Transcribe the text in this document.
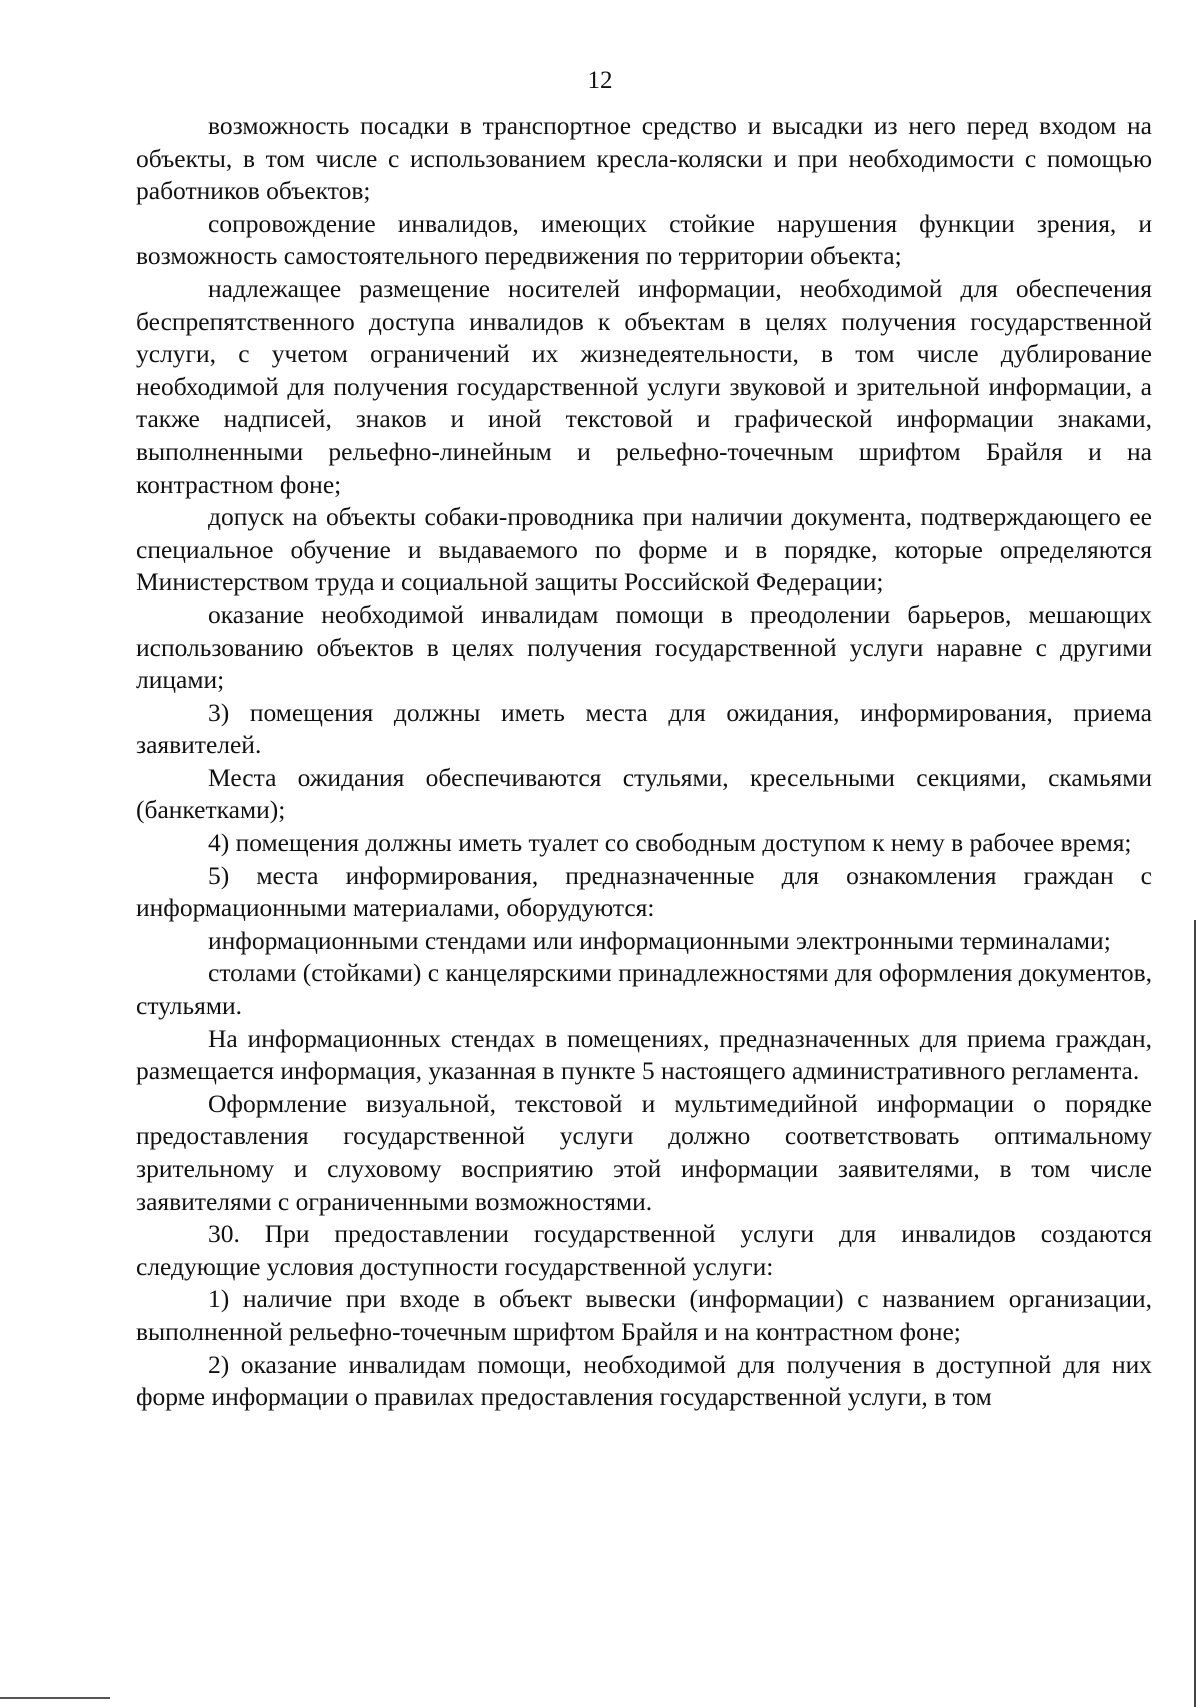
12

возможность посадки в транспортное средство и высадки из него перед входом на объекты, в том числе с использованием кресла-коляски и при необходимости с помощью работников объектов;

сопровождение инвалидов, имеющих стойкие нарушения функции зрения, и возможность самостоятельного передвижения по территории объекта;

надлежащее размещение носителей информации, необходимой для обеспечения беспрепятственного доступа инвалидов к объектам в целях получения государственной услуги, с учетом ограничений их жизнедеятельности, в том числе дублирование необходимой для получения государственной услуги звуковой и зрительной информации, а также надписей, знаков и иной текстовой и графической информации знаками, выполненными рельефно-линейным и рельефно-точечным шрифтом Брайля и на контрастном фоне;

допуск на объекты собаки-проводника при наличии документа, подтверждающего ее специальное обучение и выдаваемого по форме и в порядке, которые определяются Министерством труда и социальной защиты Российской Федерации;

оказание необходимой инвалидам помощи в преодолении барьеров, мешающих использованию объектов в целях получения государственной услуги наравне с другими лицами;

3) помещения должны иметь места для ожидания, информирования, приема заявителей.

Места ожидания обеспечиваются стульями, кресельными секциями, скамьями (банкетками);

4) помещения должны иметь туалет со свободным доступом к нему в рабочее время;

5) места информирования, предназначенные для ознакомления граждан с информационными материалами, оборудуются:

информационными стендами или информационными электронными терминалами;

столами (стойками) с канцелярскими принадлежностями для оформления документов, стульями.

На информационных стендах в помещениях, предназначенных для приема граждан, размещается информация, указанная в пункте 5 настоящего административного регламента.

Оформление визуальной, текстовой и мультимедийной информации о порядке предоставления государственной услуги должно соответствовать оптимальному зрительному и слуховому восприятию этой информации заявителями, в том числе заявителями с ограниченными возможностями.

30. При предоставлении государственной услуги для инвалидов создаются следующие условия доступности государственной услуги:

1) наличие при входе в объект вывески (информации) с названием организации, выполненной рельефно-точечным шрифтом Брайля и на контрастном фоне;

2) оказание инвалидам помощи, необходимой для получения в доступной для них форме информации о правилах предоставления государственной услуги, в том
